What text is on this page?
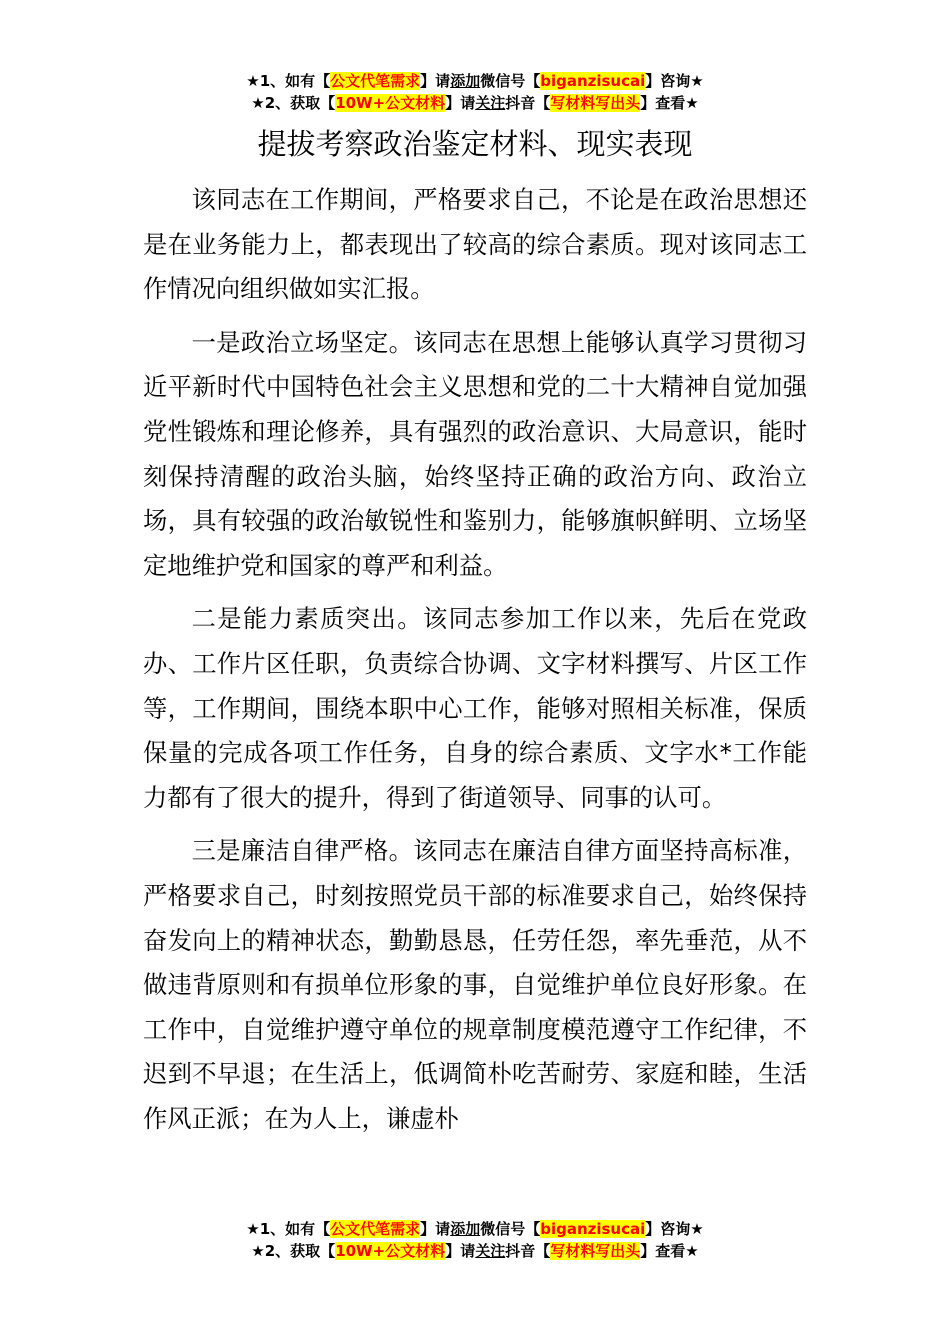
★1、如有【公文代笔需求】请添加微信号【biganzisucai】咨询★
★2、获取【10W+公文材料】请关注抖音【写材料写出头】查看★
提拔考察政治鉴定材料、现实表现

该同志在工作期间，严格要求自己，不论是在政治思想还是在业务能力上，都表现出了较高的综合素质。现对该同志工作情况向组织做如实汇报。

一是政治立场坚定。该同志在思想上能够认真学习贯彻习近平新时代中国特色社会主义思想和党的二十大精神自觉加强党性锻炼和理论修养，具有强烈的政治意识、大局意识，能时刻保持清醒的政治头脑，始终坚持正确的政治方向、政治立场，具有较强的政治敏锐性和鉴别力，能够旗帜鲜明、立场坚定地维护党和国家的尊严和利益。

二是能力素质突出。该同志参加工作以来，先后在党政办、工作片区任职，负责综合协调、文字材料撰写、片区工作等，工作期间，围绕本职中心工作，能够对照相关标准，保质保量的完成各项工作任务，自身的综合素质、文字水*工作能力都有了很大的提升，得到了街道领导、同事的认可。

三是廉洁自律严格。该同志在廉洁自律方面坚持高标准，严格要求自己，时刻按照党员干部的标准要求自己，始终保持奋发向上的精神状态，勤勤恳恳，任劳任怨，率先垂范，从不做违背原则和有损单位形象的事，自觉维护单位良好形象。在工作中，自觉维护遵守单位的规章制度模范遵守工作纪律，不迟到不早退；在生活上，低调简朴吃苦耐劳、家庭和睦，生活作风正派；在为人上，谦虚朴

★1、如有【公文代笔需求】请添加微信号【biganzisucai】咨询★
★2、获取【10W+公文材料】请关注抖音【写材料写出头】查看★
